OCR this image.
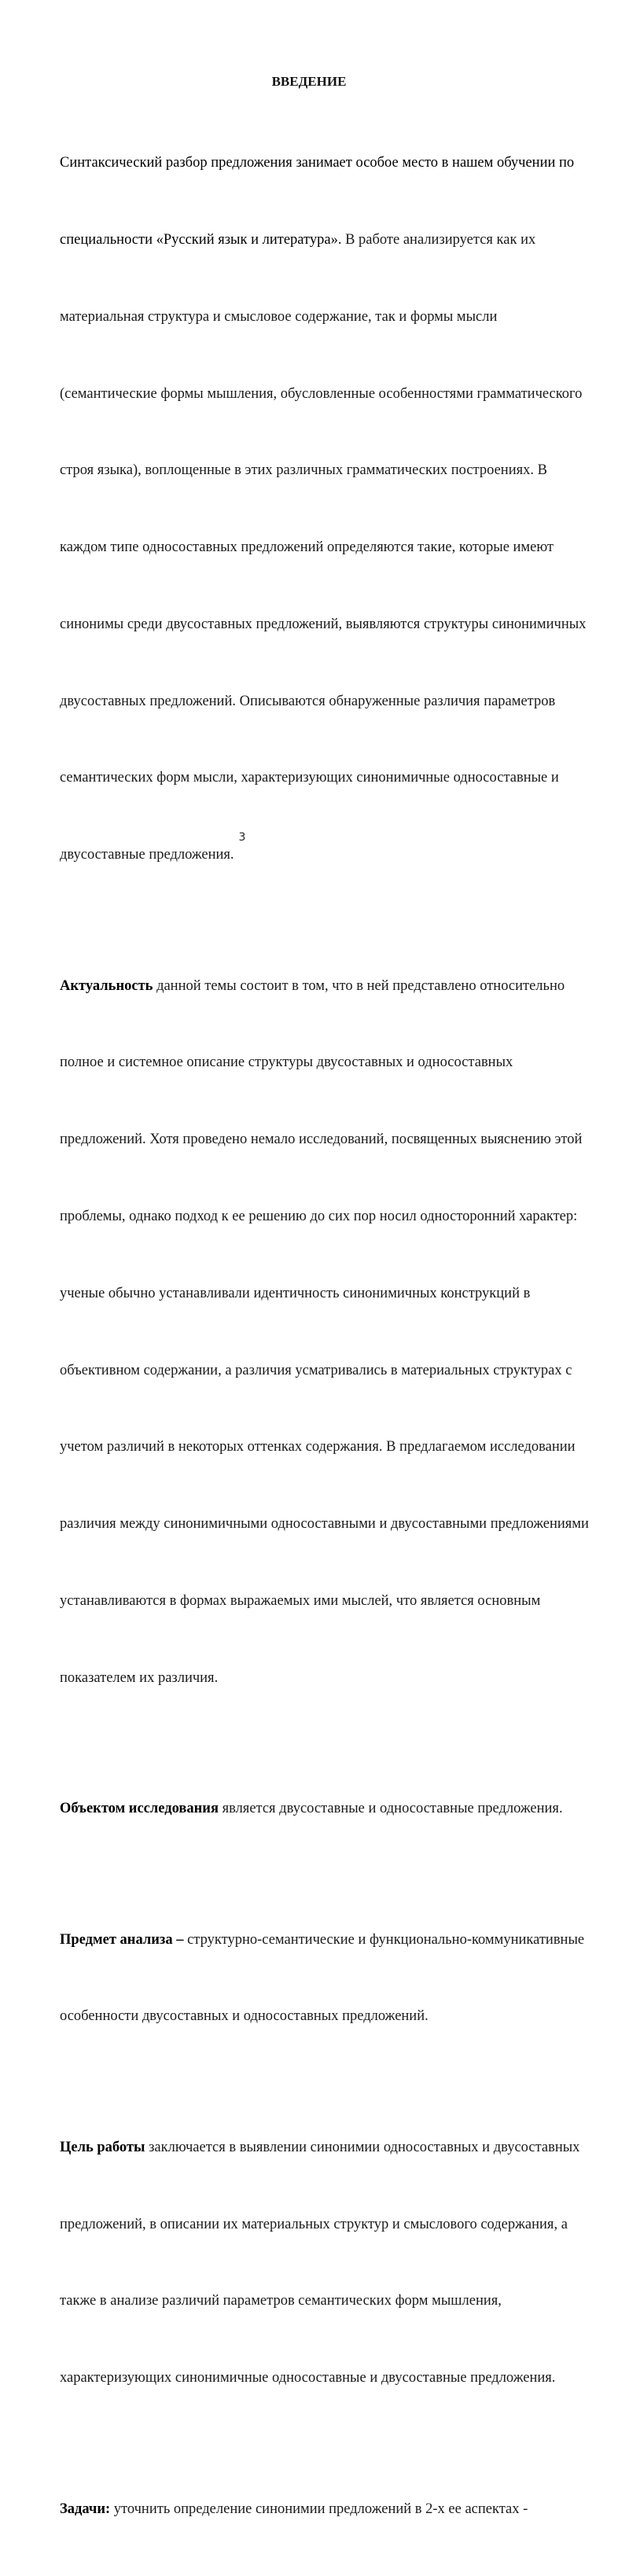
ВВЕДЕНИЕ

Синтаксический разбор предложения занимает особое место в нашем обучении по

специальности «Русский язык и литература». В работе анализируется как их

материальная структура и смысловое содержание, так и формы мысли

(семантические формы мышления, обусловленные особенностями грамматического

строя языка), воплощенные в этих различных грамматических построениях. В

каждом типе односоставных предложений определяются такие, которые имеют

синонимы среди двусоставных предложений, выявляются структуры синонимичных

двусоставных предложений. Описываются обнаруженные различия параметров

семантических форм мысли, характеризующих синонимичные односоставные и

двусоставные предложения.

Актуальность данной темы состоит в том, что в ней представлено относительно

полное и системное описание структуры двусоставных и односоставных

предложений. Хотя проведено немало исследований, посвященных выяснению этой

проблемы, однако подход к ее решению до сих пор носил односторонний характер:

ученые обычно устанавливали идентичность синонимичных конструкций в

объективном содержании, а различия усматривались в материальных структурах с

учетом различий в некоторых оттенках содержания. В предлагаемом исследовании

различия между синонимичными односоставными и двусоставными предложениями

устанавливаются в формах выражаемых ими мыслей, что является основным

показателем их различия.

Объектом исследования является двусоставные и односоставные предложения.

Предмет анализа – структурно-семантические и функционально-коммуникативные

особенности двусоставных и односоставных предложений.

Цель работы заключается в выявлении синонимии односоставных и двусоставных

предложений, в описании их материальных структур и смыслового содержания, а

также в анализе различий параметров семантических форм мышления,

характеризующих синонимичные односоставные и двусоставные предложения.

Задачи: уточнить определение синонимии предложений в 2-х ее аспектах -

3
